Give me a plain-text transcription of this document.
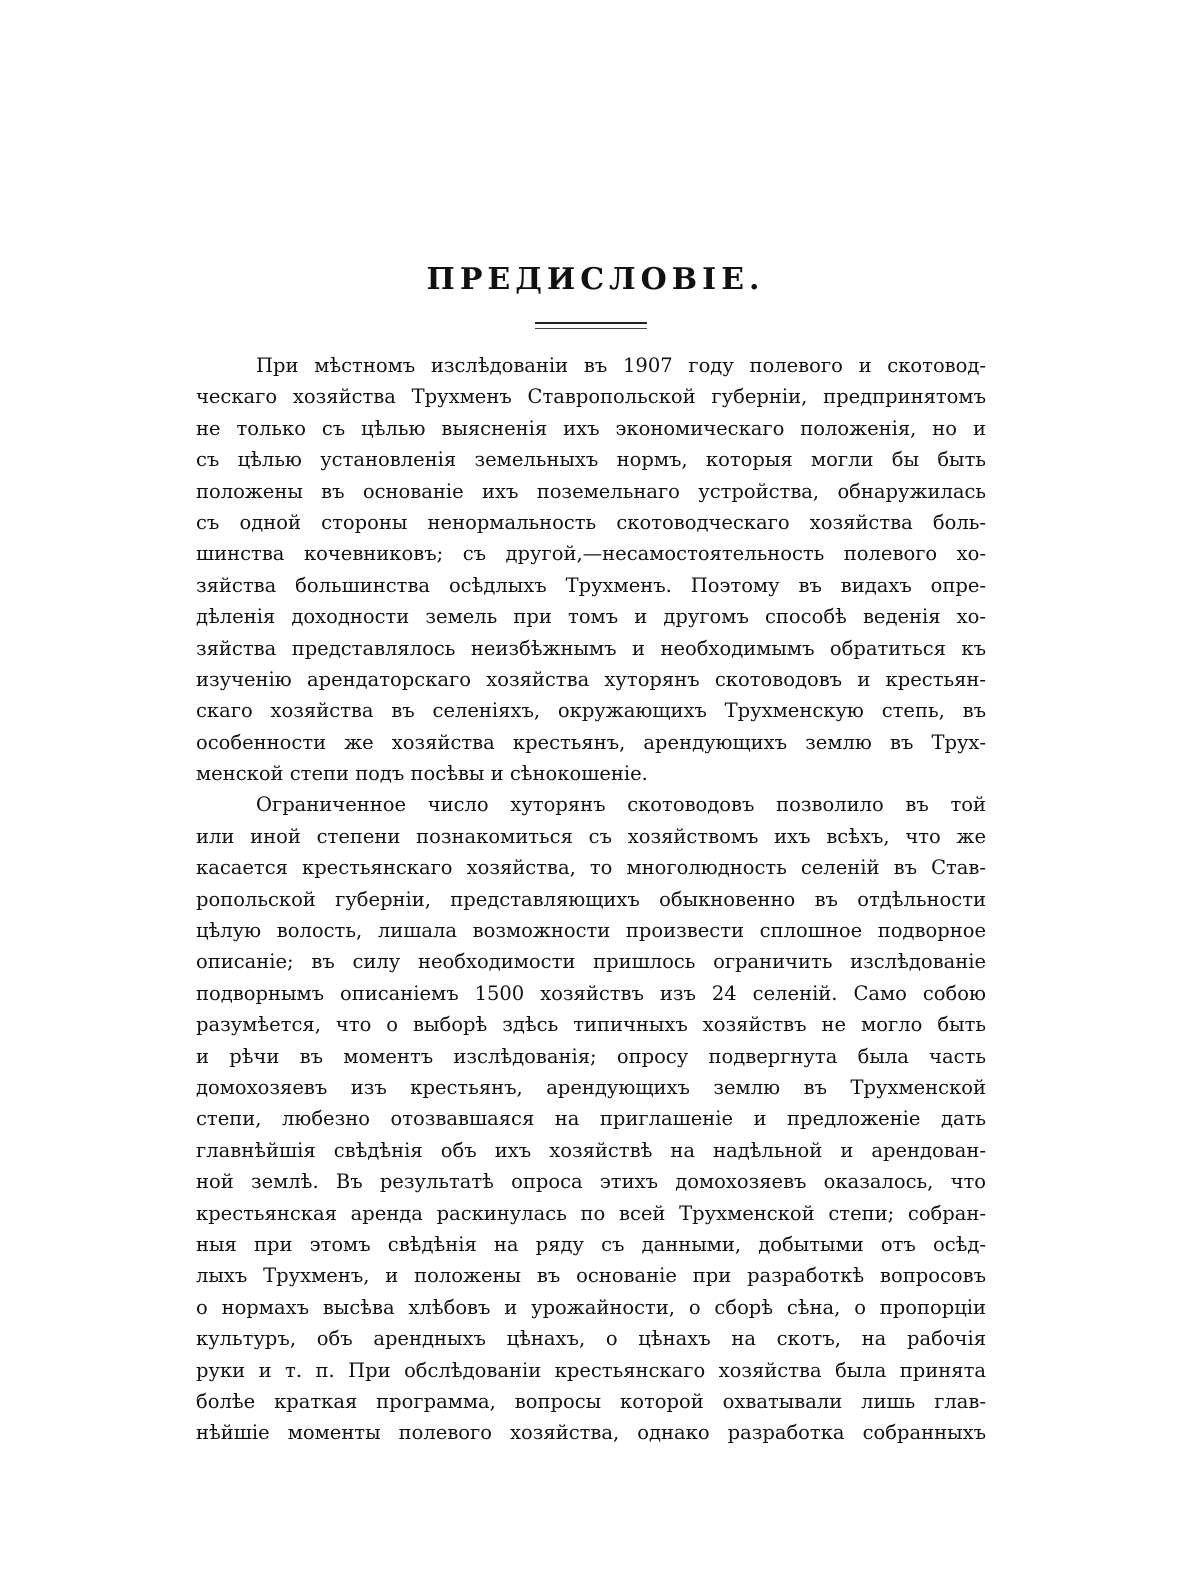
ПРЕДИСЛОВІЕ.
При мѣстномъ изслѣдованіи въ 1907 году полевого и скотовод-
ческаго хозяйства Трухменъ Ставропольской губерніи, предпринятомъ
не только съ цѣлью выясненія ихъ экономическаго положенія, но и
съ цѣлью установленія земельныхъ нормъ, которыя могли бы быть
положены въ основаніе ихъ поземельнаго устройства, обнаружилась
съ одной стороны ненормальность скотоводческаго хозяйства боль-
шинства кочевниковъ; съ другой,—несамостоятельность полевого хо-
зяйства большинства осѣдлыхъ Трухменъ. Поэтому въ видахъ опре-
дѣленія доходности земель при томъ и другомъ способѣ веденія хо-
зяйства представлялось неизбѣжнымъ и необходимымъ обратиться къ
изученію арендаторскаго хозяйства хуторянъ скотоводовъ и крестьян-
скаго хозяйства въ селеніяхъ, окружающихъ Трухменскую степь, въ
особенности же хозяйства крестьянъ, арендующихъ землю въ Трух-
менской степи подъ посѣвы и сѣнокошеніе.
Ограниченное число хуторянъ скотоводовъ позволило въ той
или иной степени познакомиться съ хозяйствомъ ихъ всѣхъ, что же
касается крестьянскаго хозяйства, то многолюдность селеній въ Став-
ропольской губерніи, представляющихъ обыкновенно въ отдѣльности
цѣлую волость, лишала возможности произвести сплошное подворное
описаніе; въ силу необходимости пришлось ограничить изслѣдованіе
подворнымъ описаніемъ 1500 хозяйствъ изъ 24 селеній. Само собою
разумѣется, что о выборѣ здѣсь типичныхъ хозяйствъ не могло быть
и рѣчи въ моментъ изслѣдованія; опросу подвергнута была часть
домохозяевъ изъ крестьянъ, арендующихъ землю въ Трухменской
степи, любезно отозвавшаяся на приглашеніе и предложеніе дать
главнѣйшія свѣдѣнія объ ихъ хозяйствѣ на надѣльной и арендован-
ной землѣ. Въ результатѣ опроса этихъ домохозяевъ оказалось, что
крестьянская аренда раскинулась по всей Трухменской степи; собран-
ныя при этомъ свѣдѣнія на ряду съ данными, добытыми отъ осѣд-
лыхъ Трухменъ, и положены въ основаніе при разработкѣ вопросовъ
о нормахъ высѣва хлѣбовъ и урожайности, о сборѣ сѣна, о пропорціи
культуръ, объ арендныхъ цѣнахъ, о цѣнахъ на скотъ, на рабочія
руки и т. п. При обслѣдованіи крестьянскаго хозяйства была принята
болѣе краткая программа, вопросы которой охватывали лишь глав-
нѣйшіе моменты полевого хозяйства, однако разработка собранныхъ
